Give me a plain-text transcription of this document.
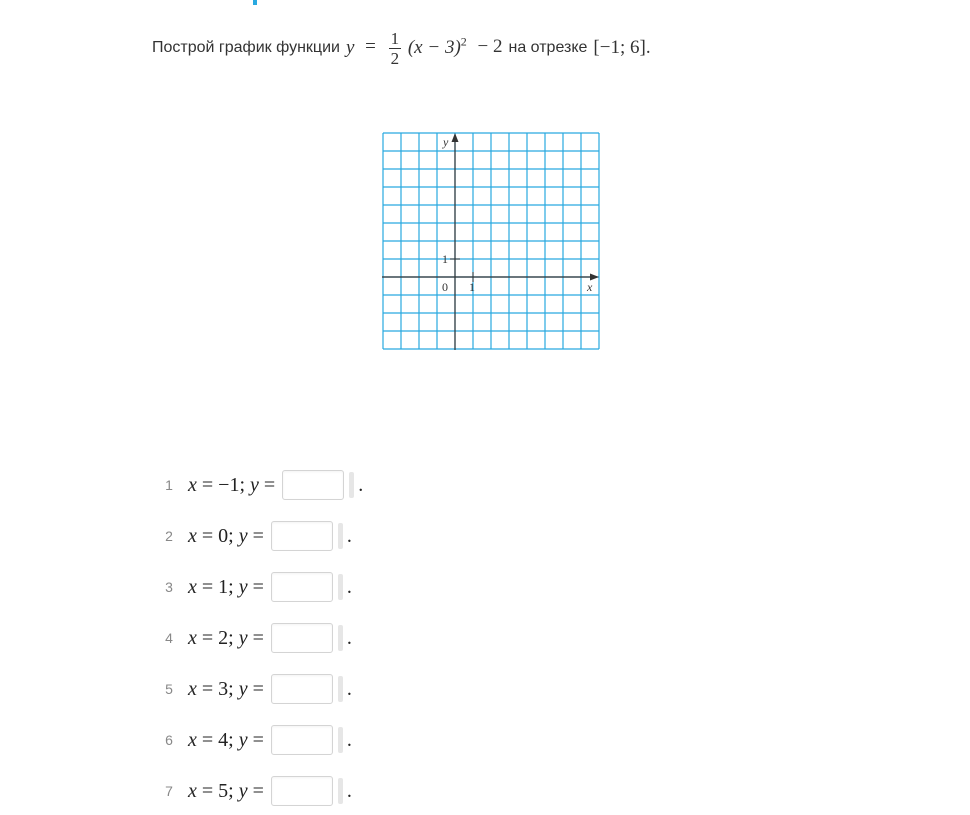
Построй график функции $y = \frac{1}{2} (x - 3)^2 - 2$ на отрезке [−1; 6] .
y
x
0 1
1
1 x = −1; y =	.
2 x = 0; y =	.
3 x = 1; y =	.
4 x = 2; y =	.
5 x = 3; y =	.
6 x = 4; y =	.
7 x = 5; y =	.
